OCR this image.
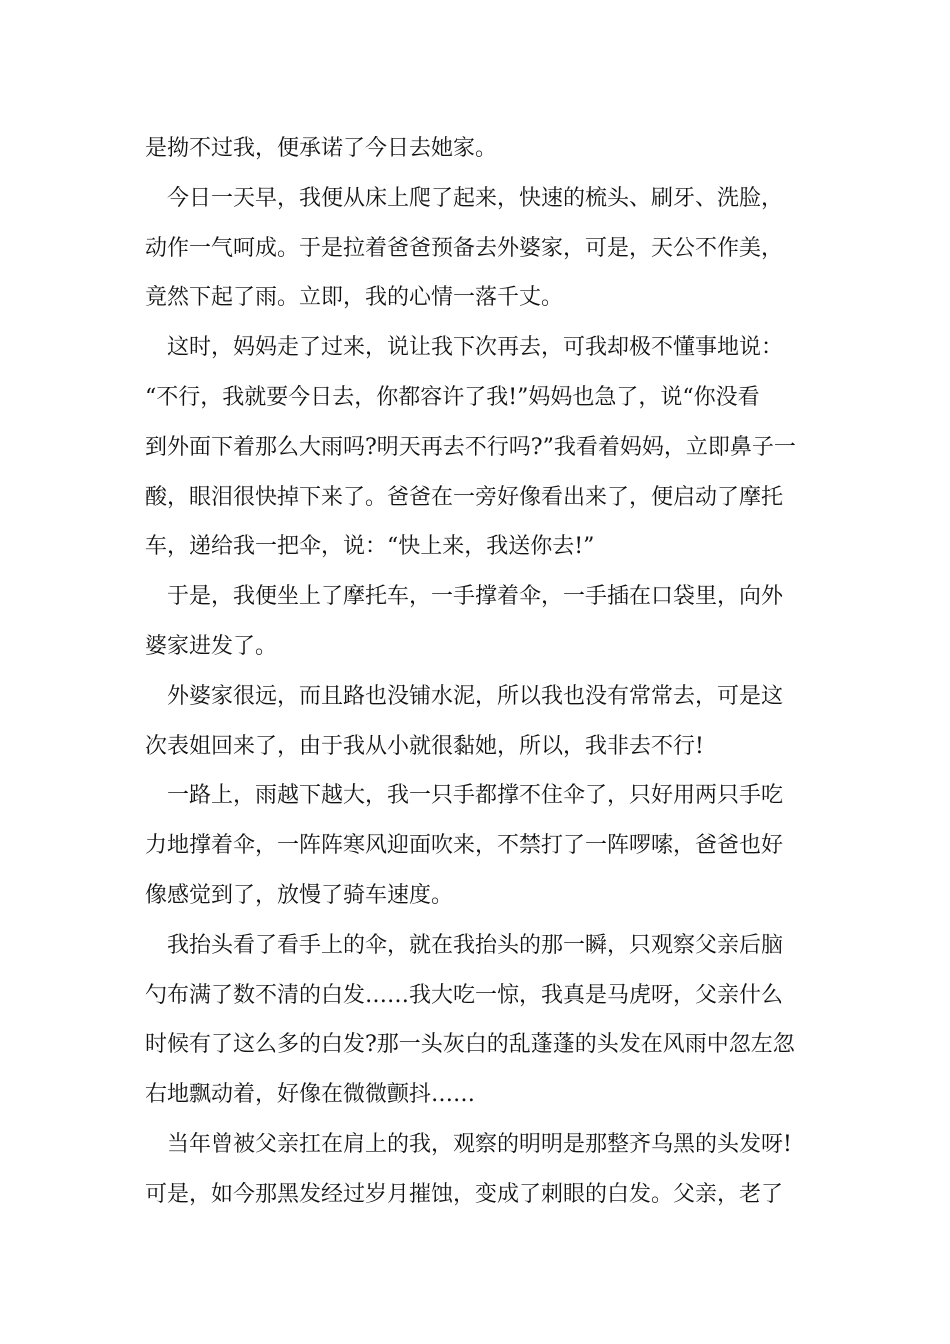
是拗不过我，便承诺了今日去她家。
今日一天早，我便从床上爬了起来，快速的梳头、刷牙、洗脸，
动作一气呵成。于是拉着爸爸预备去外婆家，可是，天公不作美，
竟然下起了雨。立即，我的心情一落千丈。
这时，妈妈走了过来，说让我下次再去，可我却极不懂事地说：
“不行，我就要今日去，你都容许了我!”妈妈也急了，说“你没看
到外面下着那么大雨吗?明天再去不行吗?”我看着妈妈，立即鼻子一
酸，眼泪很快掉下来了。爸爸在一旁好像看出来了，便启动了摩托
车，递给我一把伞，说：“快上来，我送你去!”
于是，我便坐上了摩托车，一手撑着伞，一手插在口袋里，向外
婆家进发了。
外婆家很远，而且路也没铺水泥，所以我也没有常常去，可是这
次表姐回来了，由于我从小就很黏她，所以，我非去不行!
一路上，雨越下越大，我一只手都撑不住伞了，只好用两只手吃
力地撑着伞，一阵阵寒风迎面吹来，不禁打了一阵啰嗦，爸爸也好
像感觉到了，放慢了骑车速度。
我抬头看了看手上的伞，就在我抬头的那一瞬，只观察父亲后脑
勺布满了数不清的白发……我大吃一惊，我真是马虎呀，父亲什么
时候有了这么多的白发?那一头灰白的乱蓬蓬的头发在风雨中忽左忽
右地飘动着，好像在微微颤抖……
当年曾被父亲扛在肩上的我，观察的明明是那整齐乌黑的头发呀!
可是，如今那黑发经过岁月摧蚀，变成了刺眼的白发。父亲，老了
